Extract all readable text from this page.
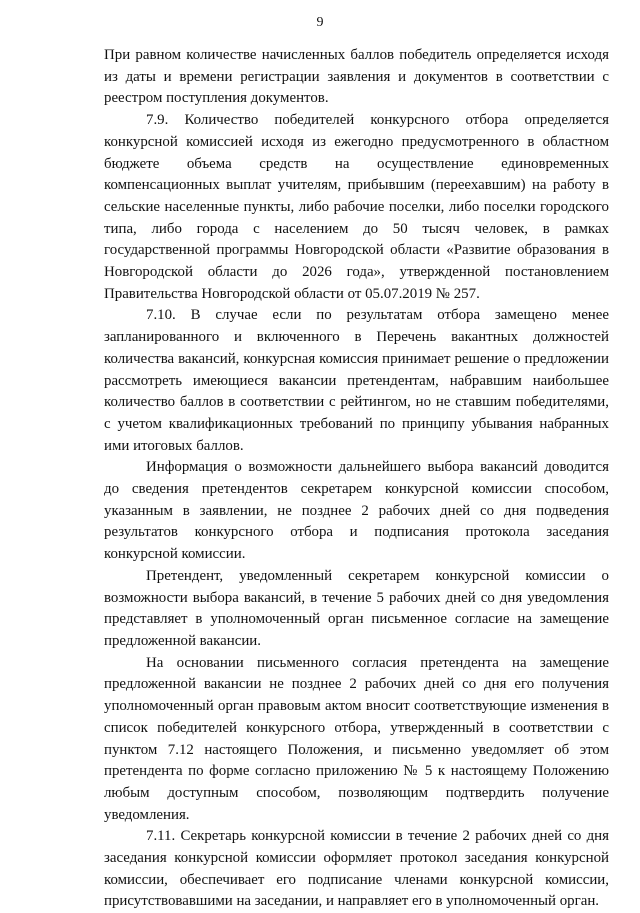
9

При равном количестве начисленных баллов победитель определяется исходя из даты и времени регистрации заявления и документов в соответствии с реестром поступления документов.

7.9. Количество победителей конкурсного отбора определяется конкурсной комиссией исходя из ежегодно предусмотренного в областном бюджете объема средств на осуществление единовременных компенсационных выплат учителям, прибывшим (переехавшим) на работу в сельские населенные пункты, либо рабочие поселки, либо поселки городского типа, либо города с населением до 50 тысяч человек, в рамках государственной программы Новгородской области «Развитие образования в Новгородской области до 2026 года», утвержденной постановлением Правительства Новгородской области от 05.07.2019 № 257.

7.10. В случае если по результатам отбора замещено менее запланированного и включенного в Перечень вакантных должностей количества вакансий, конкурсная комиссия принимает решение о предложении рассмотреть имеющиеся вакансии претендентам, набравшим наибольшее количество баллов в соответствии с рейтингом, но не ставшим победителями, с учетом квалификационных требований по принципу убывания набранных ими итоговых баллов.

Информация о возможности дальнейшего выбора вакансий доводится до сведения претендентов секретарем конкурсной комиссии способом, указанным в заявлении, не позднее 2 рабочих дней со дня подведения результатов конкурсного отбора и подписания протокола заседания конкурсной комиссии.

Претендент, уведомленный секретарем конкурсной комиссии о возможности выбора вакансий, в течение 5 рабочих дней со дня уведомления представляет в уполномоченный орган письменное согласие на замещение предложенной вакансии.

На основании письменного согласия претендента на замещение предложенной вакансии не позднее 2 рабочих дней со дня его получения уполномоченный орган правовым актом вносит соответствующие изменения в список победителей конкурсного отбора, утвержденный в соответствии с пунктом 7.12 настоящего Положения, и письменно уведомляет об этом претендента по форме согласно приложению № 5 к настоящему Положению любым доступным способом, позволяющим подтвердить получение уведомления.

7.11. Секретарь конкурсной комиссии в течение 2 рабочих дней со дня заседания конкурсной комиссии оформляет протокол заседания конкурсной комиссии, обеспечивает его подписание членами конкурсной комиссии, присутствовавшими на заседании, и направляет его в уполномоченный орган.
